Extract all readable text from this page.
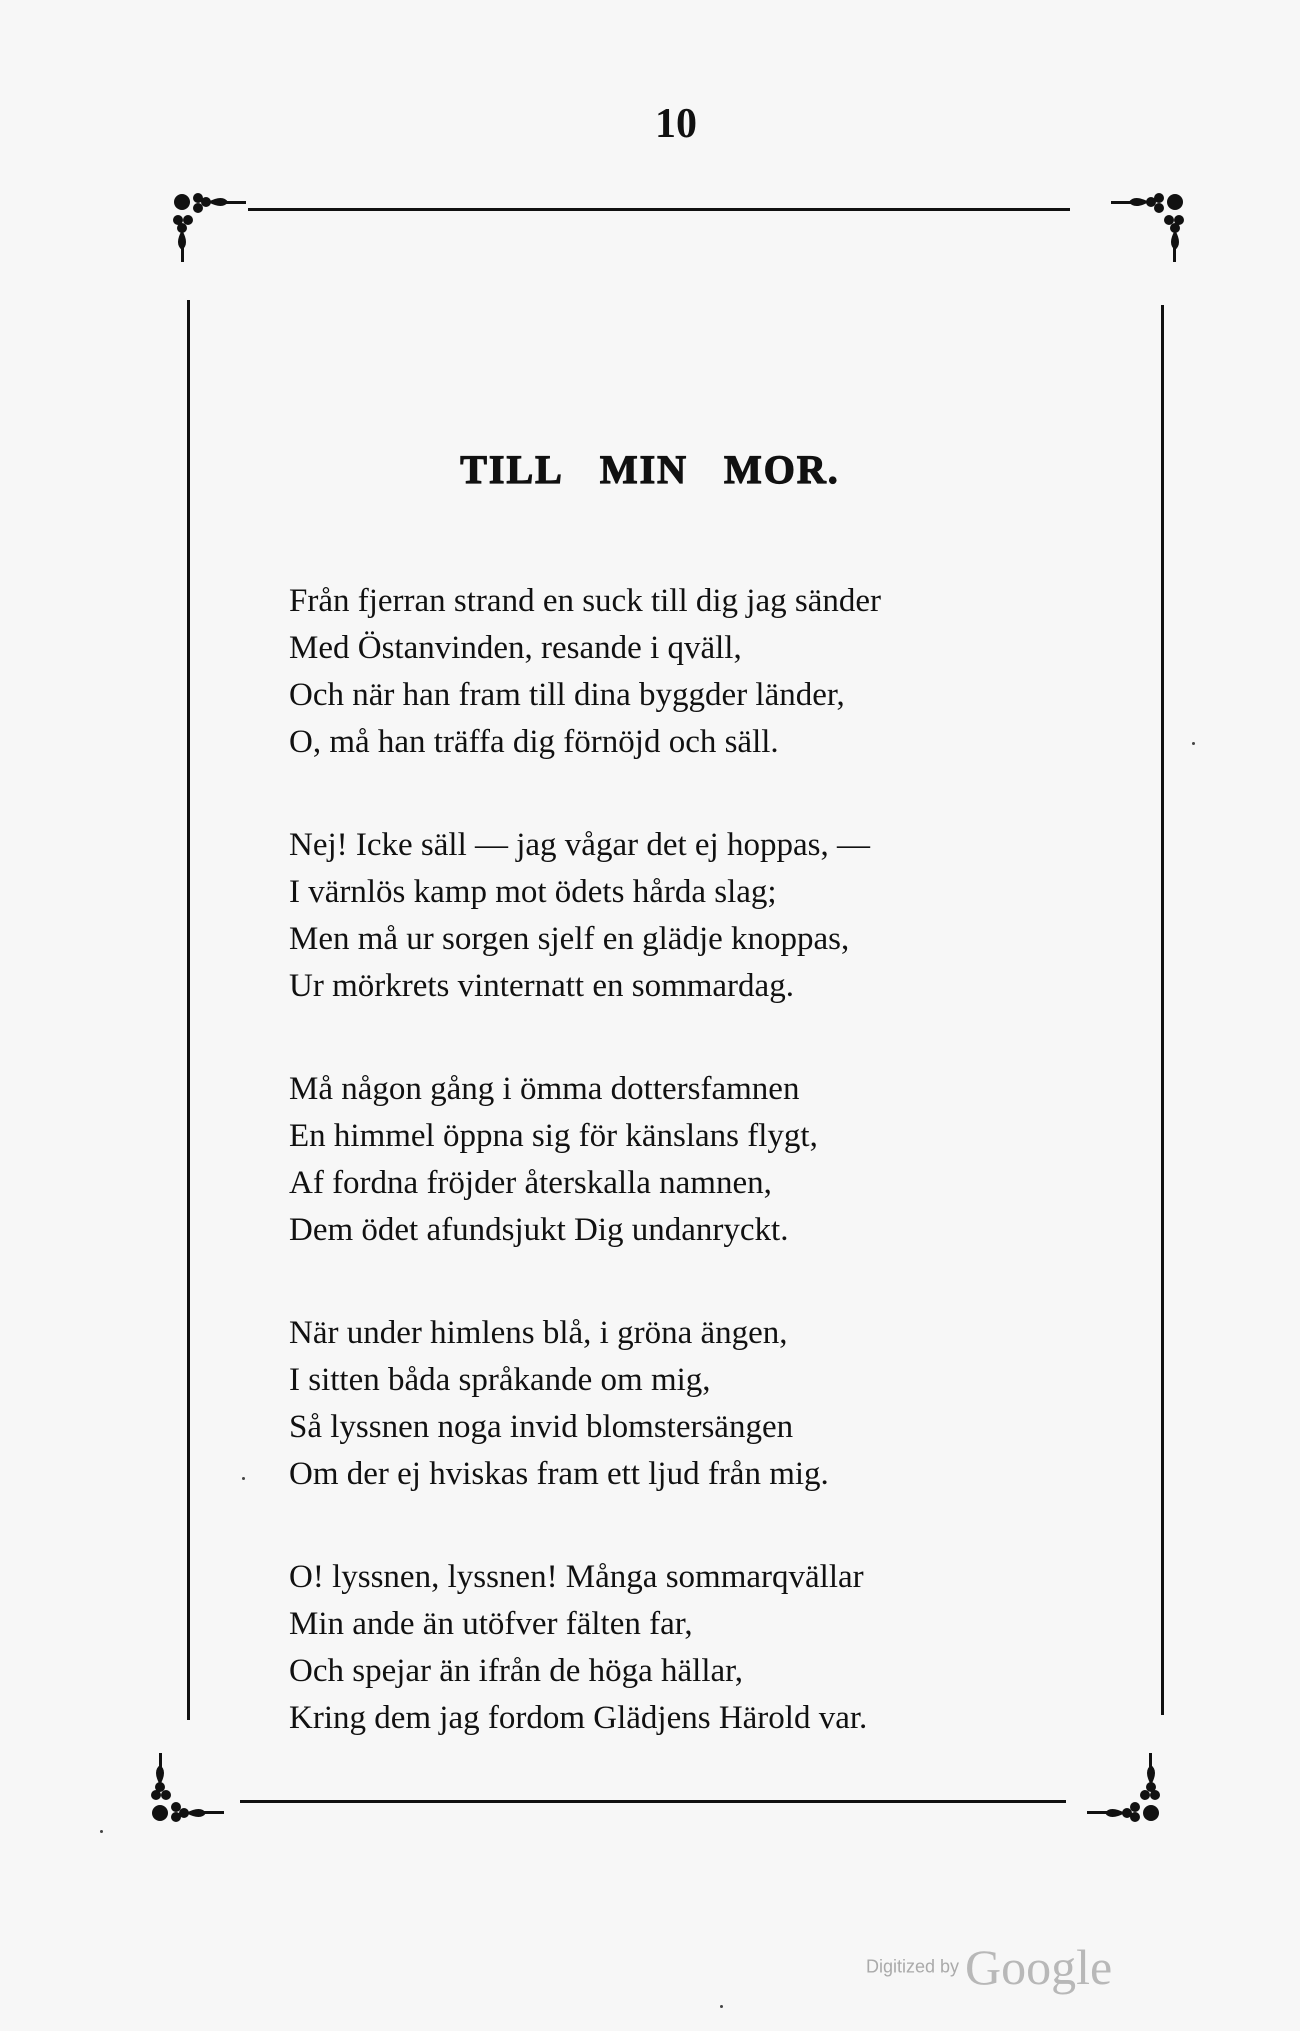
10
TILL MIN MOR.
Från fjerran strand en suck till dig jag sänder
Med Östanvinden, resande i qväll,
Och när han fram till dina byggder länder,
O, må han träffa dig förnöjd och säll.
Nej! Icke säll — jag vågar det ej hoppas, —
I värnlös kamp mot ödets hårda slag;
Men må ur sorgen sjelf en glädje knoppas,
Ur mörkrets vinternatt en sommardag.
Må någon gång i ömma dottersfamnen
En himmel öppna sig för känslans flygt,
Af fordna fröjder återskalla namnen,
Dem ödet afundsjukt Dig undanryckt.
När under himlens blå, i gröna ängen,
I sitten båda språkande om mig,
Så lyssnen noga invid blomstersängen
Om der ej hviskas fram ett ljud från mig.
O! lyssnen, lyssnen! Många sommarqvällar
Min ande än utöfver fälten far,
Och spejar än ifrån de höga hällar,
Kring dem jag fordom Glädjens Härold var.
Digitized by Google
